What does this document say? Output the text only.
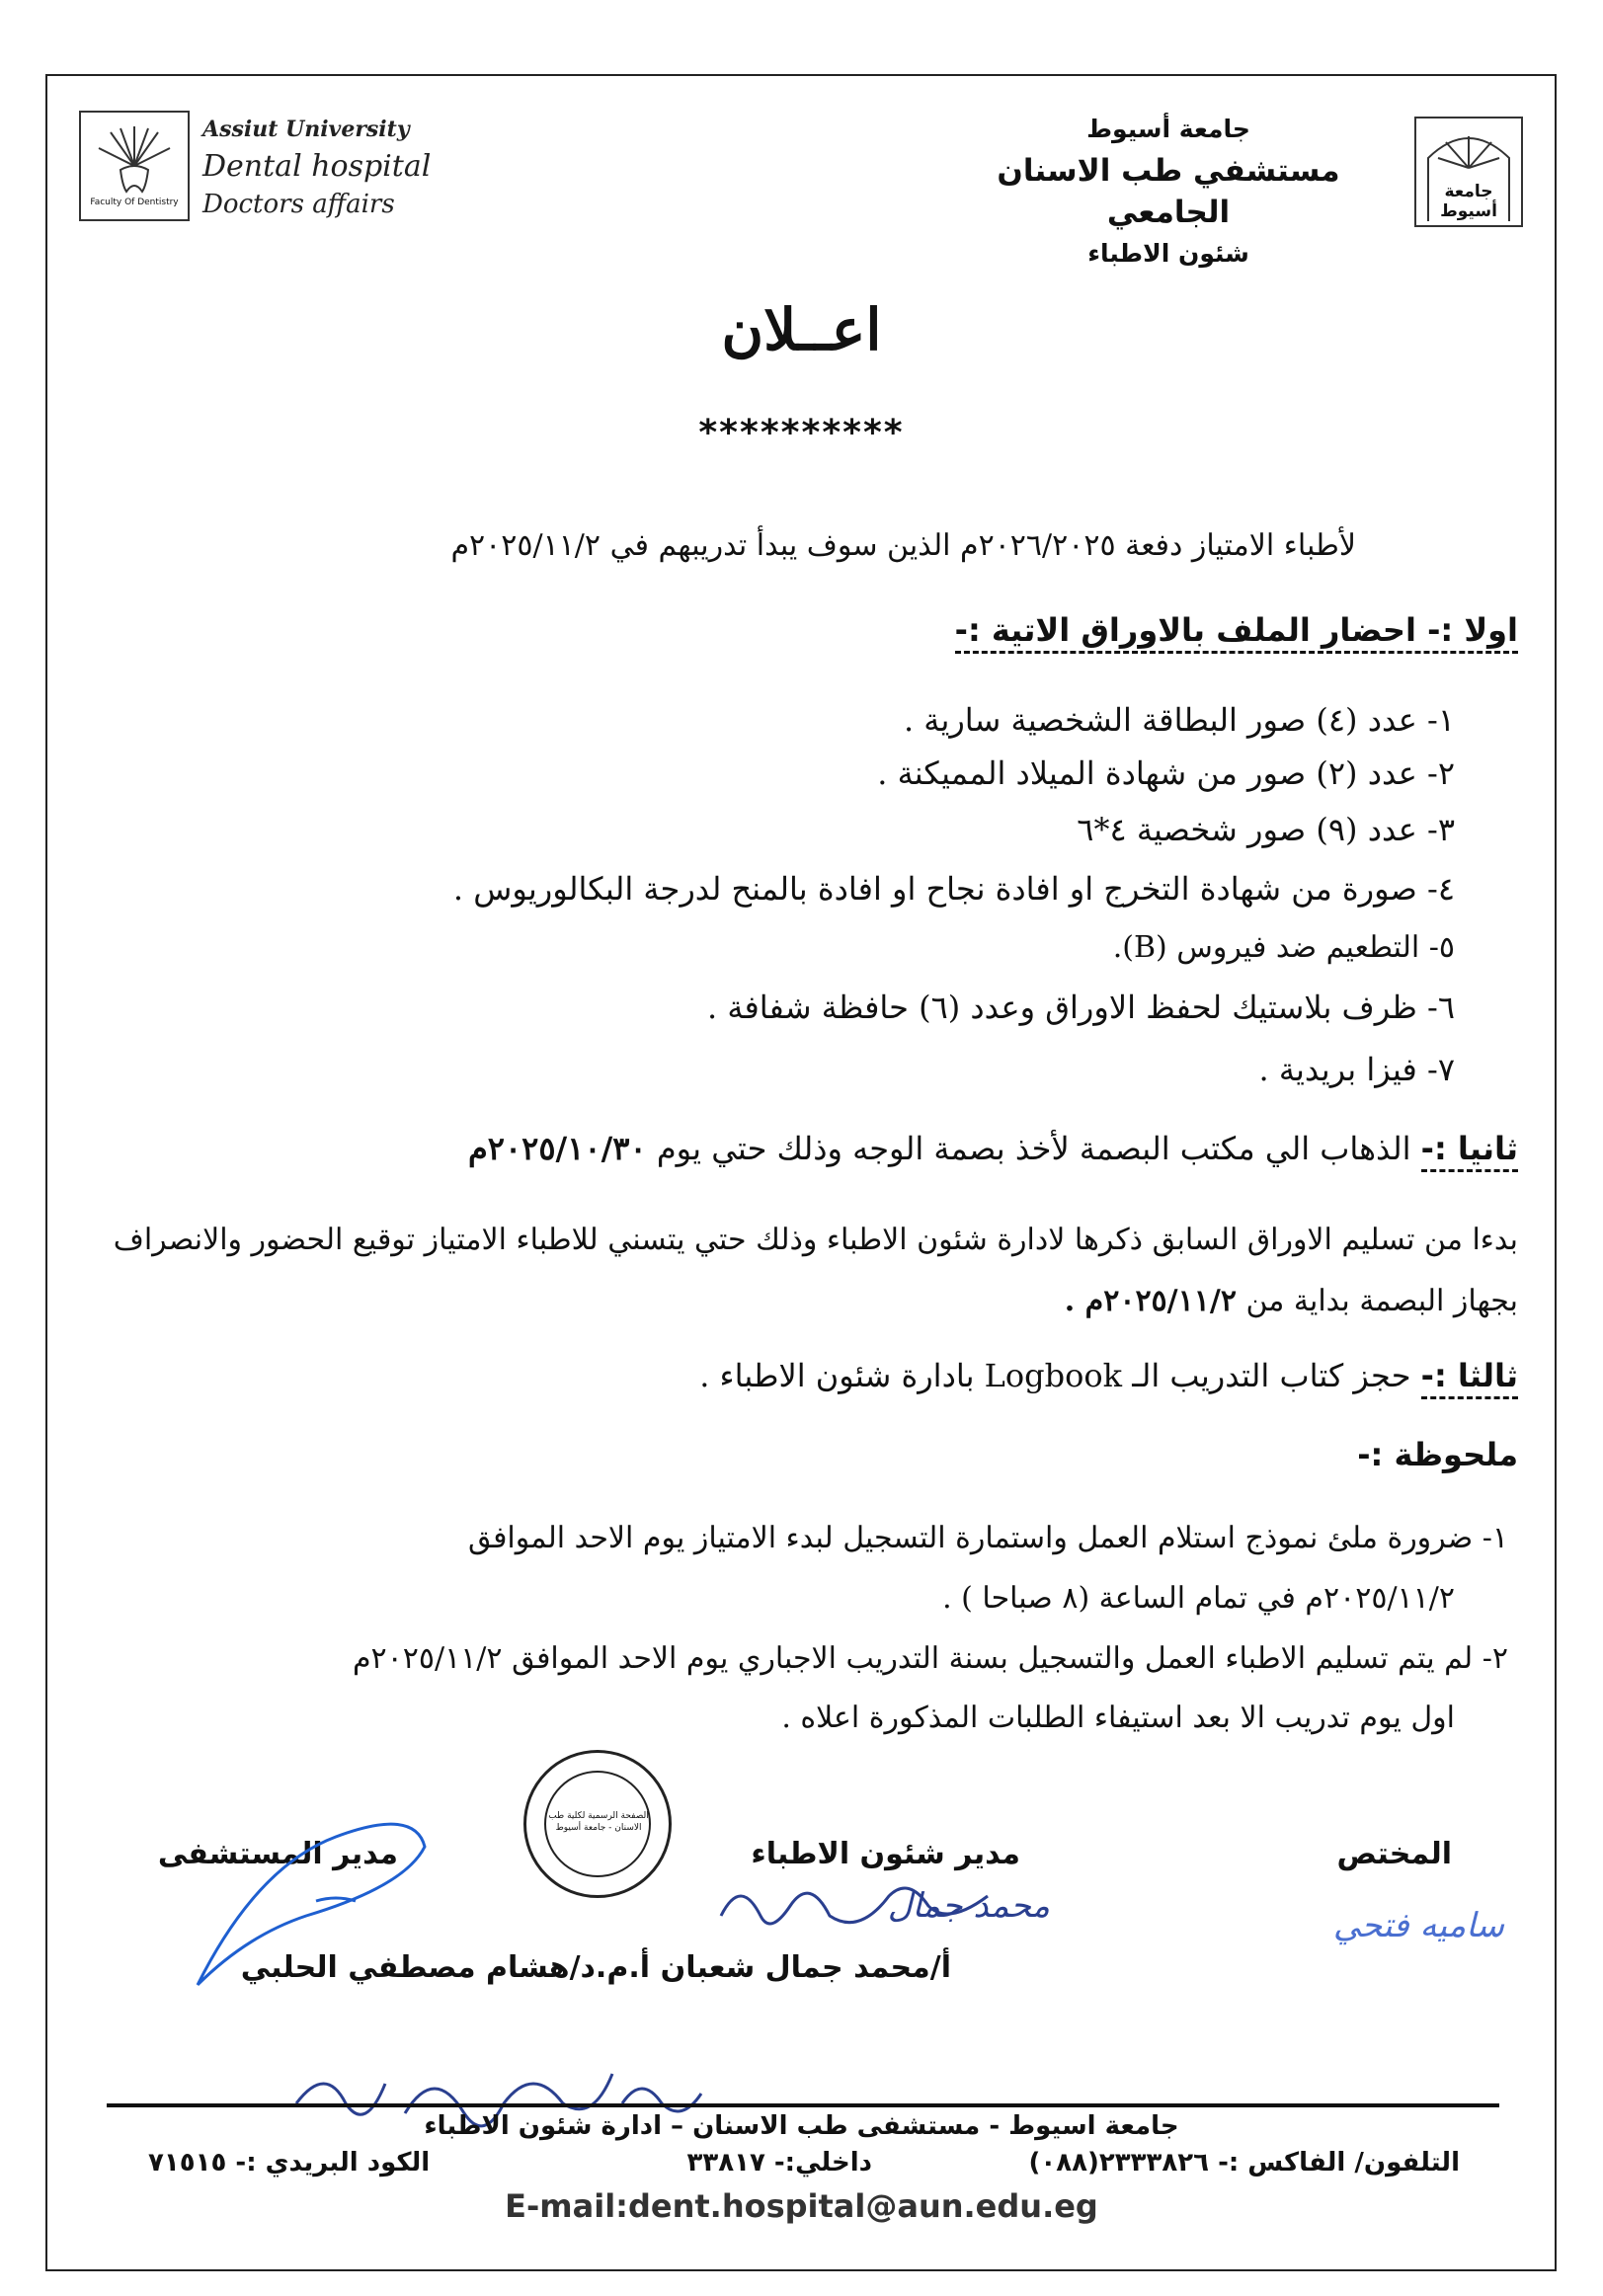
Faculty Of Dentistry
Assiut University
Dental hospital
Doctors affairs
جامعة أسيوط
مستشفي طب الاسنان الجامعي
شئون الاطباء
جامعة أسيوط
اعــلان
**********
لأطباء الامتياز دفعة ٢٠٢٦/٢٠٢٥م الذين سوف يبدأ تدريبهم في ٢٠٢٥/١١/٢م
اولا :- احضار الملف بالاوراق الاتية :-
١- عدد (٤) صور البطاقة الشخصية سارية .
٢- عدد (٢) صور من شهادة الميلاد المميكنة .
٣- عدد (٩) صور شخصية ٤*٦
٤- صورة من شهادة التخرج او افادة نجاح او افادة بالمنح لدرجة البكالوريوس .
٥- التطعيم ضد فيروس (B).
٦- ظرف بلاستيك لحفظ الاوراق وعدد (٦) حافظة شفافة .
٧- فيزا بريدية .
ثانيا :- الذهاب الي مكتب البصمة لأخذ بصمة الوجه وذلك حتي يوم ٢٠٢٥/١٠/٣٠م
بدءا من تسليم الاوراق السابق ذكرها لادارة شئون الاطباء وذلك حتي يتسني للاطباء الامتياز توقيع الحضور والانصراف بجهاز البصمة بداية من ٢٠٢٥/١١/٢م .
ثالثا :- حجز كتاب التدريب الـ Logbook بادارة شئون الاطباء .
ملحوظة :-
١- ضرورة ملئ نموذج استلام العمل واستمارة التسجيل لبدء الامتياز يوم الاحد الموافق
٢٠٢٥/١١/٢م في تمام الساعة (٨ صباحا ) .
٢- لم يتم تسليم الاطباء العمل والتسجيل بسنة التدريب الاجباري يوم الاحد الموافق ٢٠٢٥/١١/٢م
اول يوم تدريب الا بعد استيفاء الطلبات المذكورة اعلاه .
المختص
ساميه فتحي
مدير شئون الاطباء
محمد جمال
أ/محمد جمال شعبان
الصفحة الرسمية لكلية طب الاسنان - جامعة أسيوط
مدير المستشفى
أ.م.د/هشام مصطفي الحلبي
جامعة اسيوط - مستشفى طب الاسنان – ادارة شئون الاطباء
التلفون/ الفاكس :- ٢٣٣٣٨٢٦(٠٨٨)
داخلي:- ٣٣٨١٧
الكود البريدي :- ٧١٥١٥
E-mail:dent.hospital@aun.edu.eg
